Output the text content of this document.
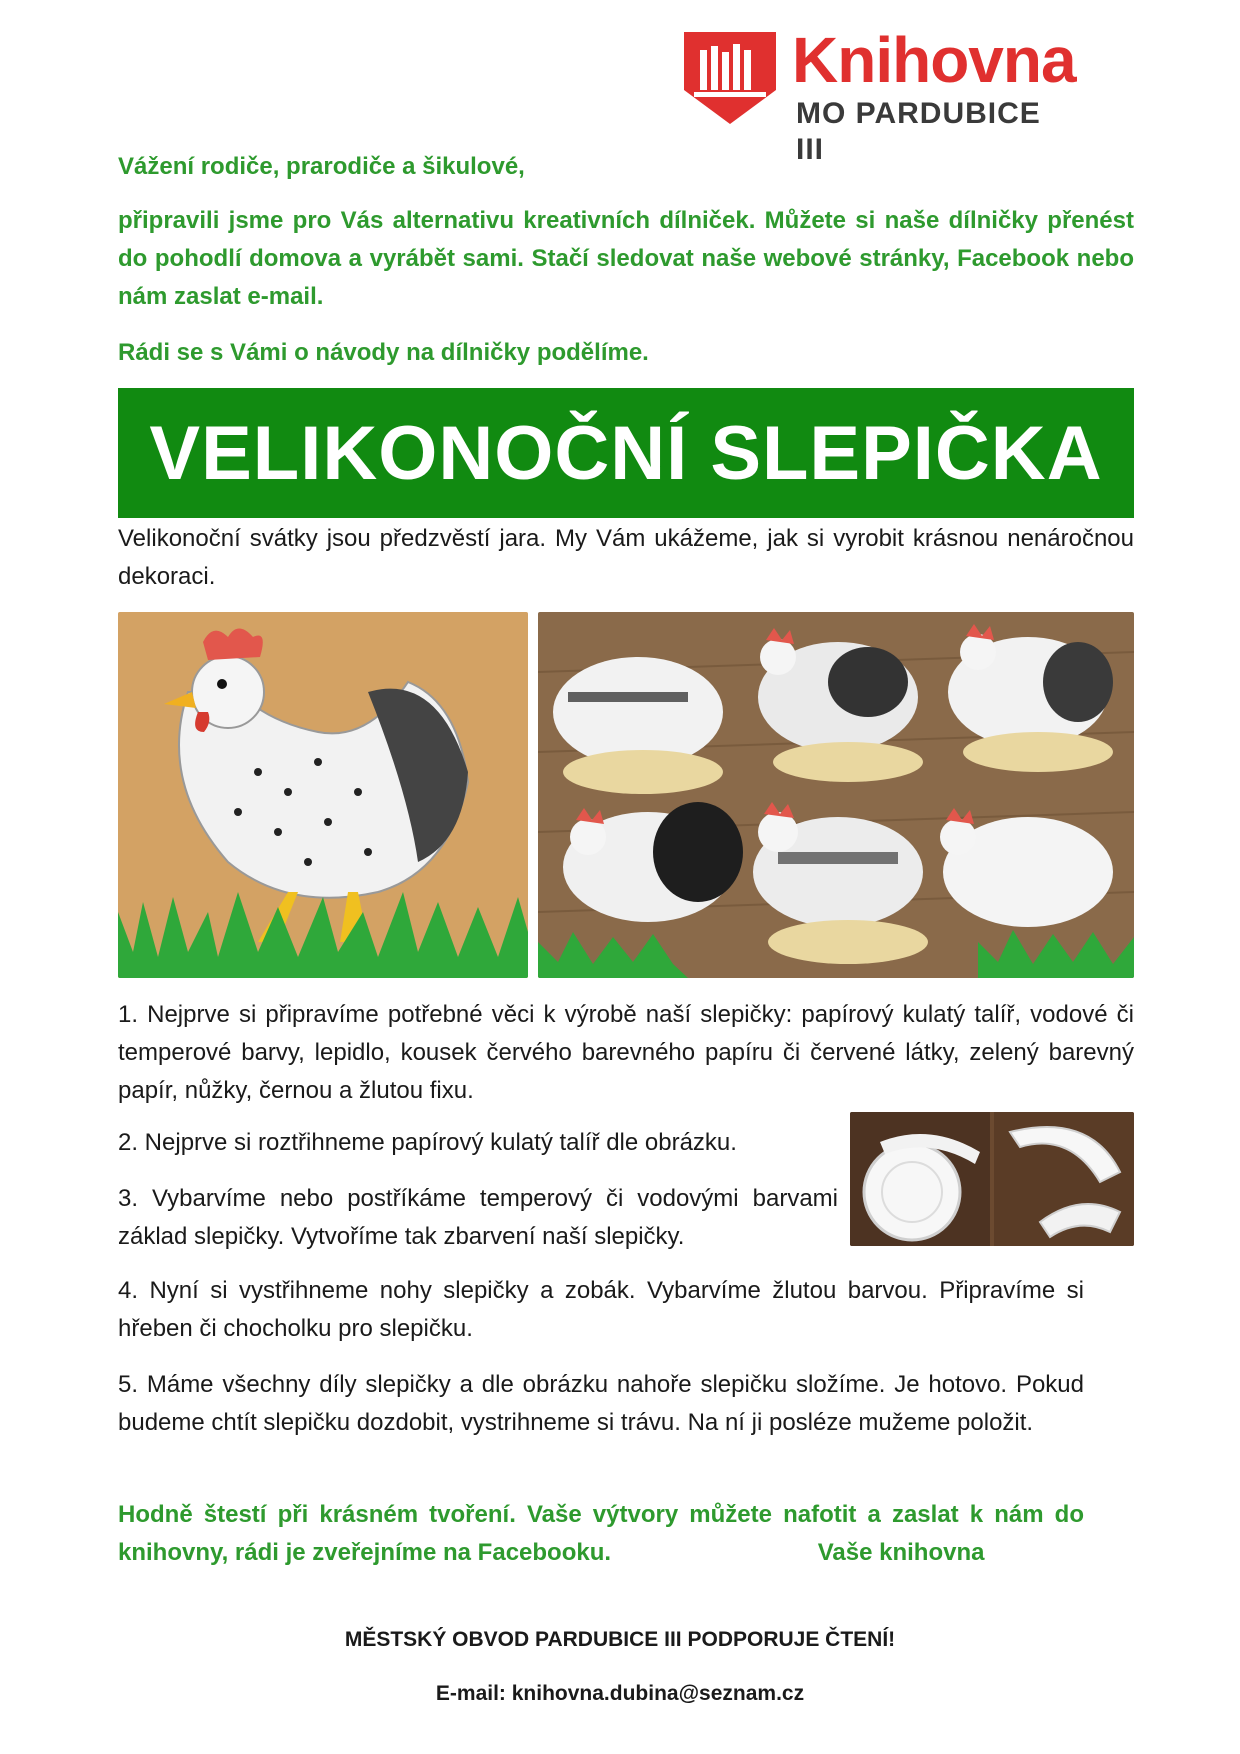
Knihovna
MO PARDUBICE III
Vážení rodiče, prarodiče a šikulové,
připravili jsme pro Vás alternativu kreativních dílniček. Můžete si naše dílničky přenést do pohodlí domova a vyrábět sami. Stačí sledovat naše webové stránky, Facebook nebo nám zaslat e-mail.
Rádi se s Vámi o návody na dílničky podělíme.
VELIKONOČNÍ SLEPIČKA
Velikonoční svátky jsou předzvěstí jara. My Vám ukážeme, jak si vyrobit krásnou nenáročnou dekoraci.
1. Nejprve si připravíme potřebné věci k výrobě naší slepičky: papírový kulatý talíř, vodové či temperové barvy, lepidlo, kousek červého barevného papíru či červené látky, zelený barevný papír, nůžky, černou a žlutou fixu.
2. Nejprve si roztřihneme papírový kulatý talíř dle obrázku.
3. Vybarvíme nebo postříkáme temperový či vodovými barvami základ slepičky. Vytvoříme tak zbarvení naší slepičky.
4. Nyní si vystřihneme nohy slepičky a zobák. Vybarvíme žlutou barvou. Připravíme si hřeben či chocholku pro slepičku.
5. Máme všechny díly slepičky a dle obrázku nahoře slepičku složíme. Je hotovo. Pokud budeme chtít slepičku dozdobit, vystrihneme si trávu. Na ní ji posléze mužeme položit.
Hodně štestí při krásném tvoření. Vaše výtvory můžete nafotit a zaslat k nám do knihovny, rádi je zveřejníme na Facebooku.	Vaše knihovna
MĚSTSKÝ OBVOD PARDUBICE III PODPORUJE ČTENÍ!
E-mail: knihovna.dubina@seznam.cz
